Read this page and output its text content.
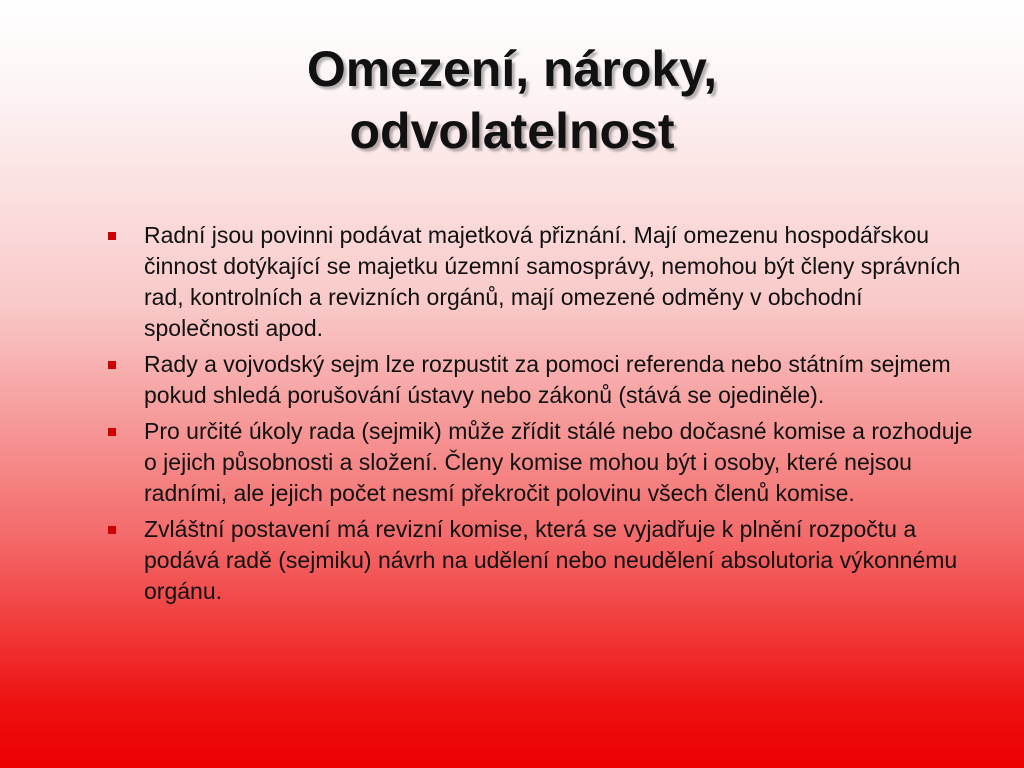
Omezení, nároky,
odvolatelnost
Radní jsou povinni podávat majetková přiznání. Mají omezenu hospodářskou činnost dotýkající se majetku územní samosprávy, nemohou být členy správních rad, kontrolních a revizních orgánů, mají omezené odměny v obchodní společnosti apod.
Rady a vojvodský sejm lze rozpustit za pomoci referenda nebo státním sejmem pokud shledá porušování ústavy nebo zákonů (stává se ojediněle).
Pro určité úkoly rada (sejmik) může zřídit stálé nebo dočasné komise a rozhoduje o jejich působnosti a složení. Členy komise mohou být i osoby, které nejsou radními, ale jejich počet nesmí překročit polovinu všech členů komise.
Zvláštní postavení má revizní komise, která se vyjadřuje k plnění rozpočtu a podává radě (sejmiku) návrh na udělení nebo neudělení absolutoria výkonnému orgánu.
